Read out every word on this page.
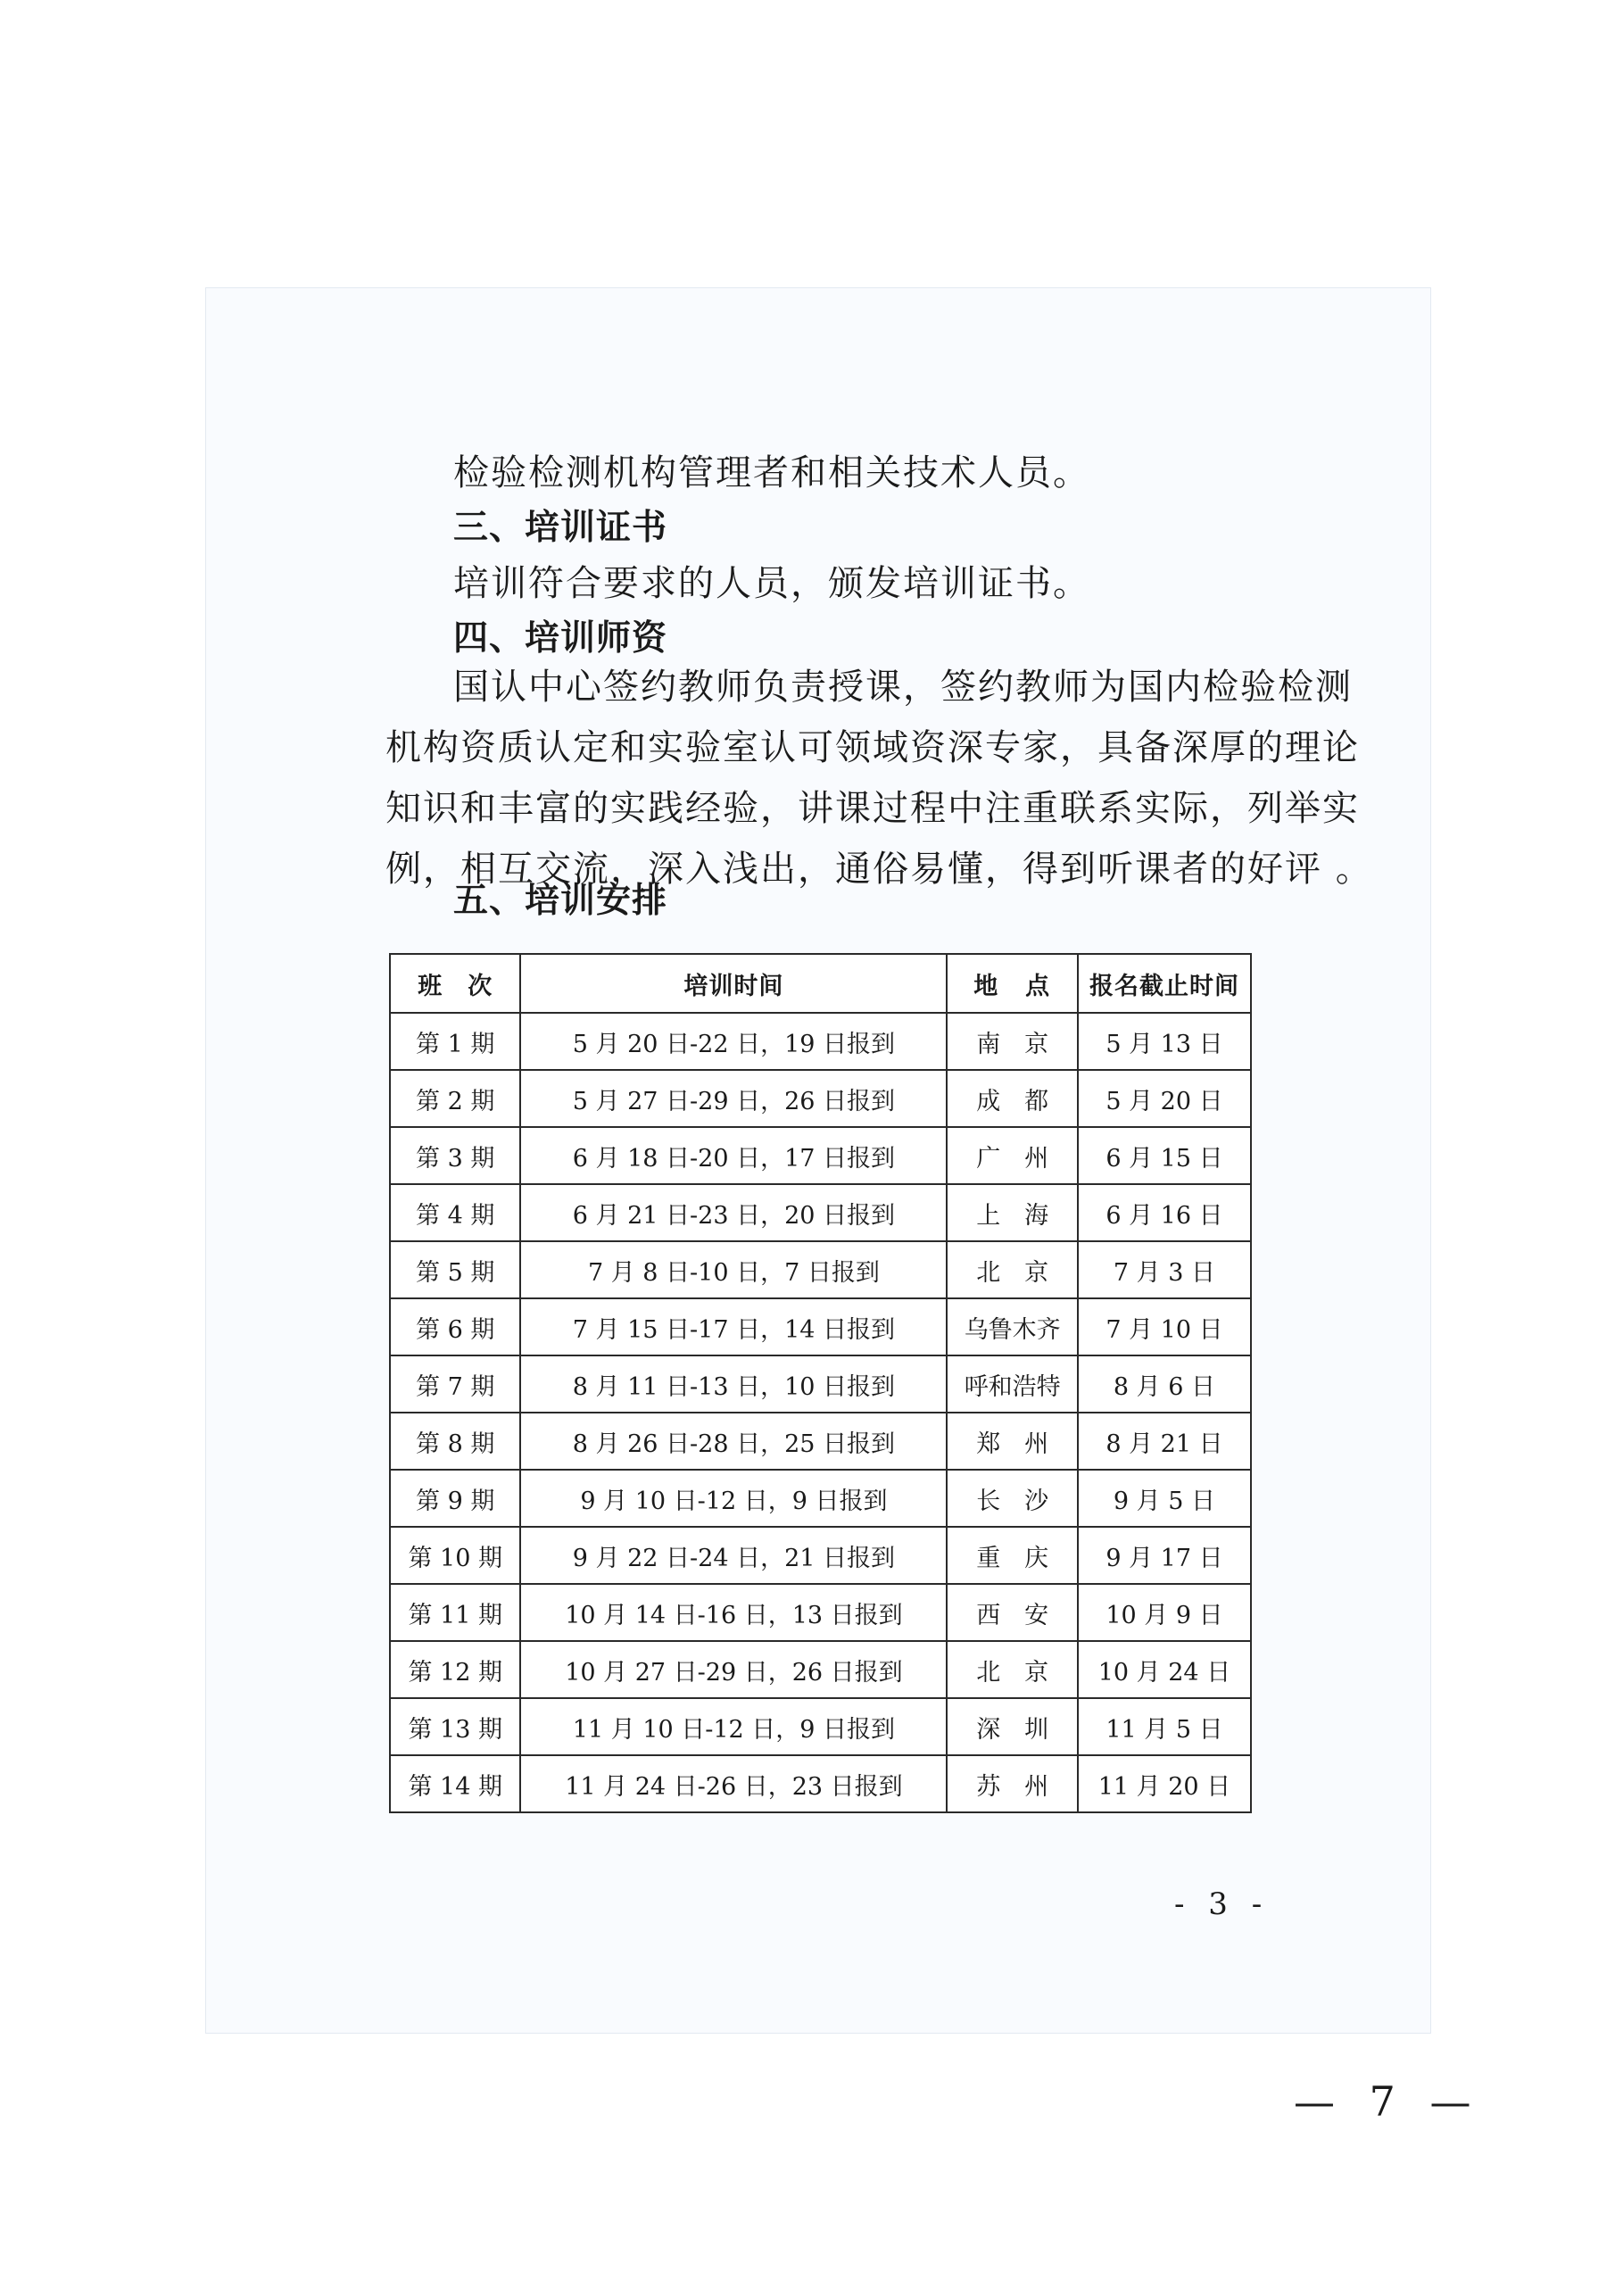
检验检测机构管理者和相关技术人员。
三、培训证书
培训符合要求的人员，颁发培训证书。
四、培训师资
国认中心签约教师负责授课，签约教师为国内检验检测
机构资质认定和实验室认可领域资深专家，具备深厚的理论
知识和丰富的实践经验，讲课过程中注重联系实际，列举实
例，相互交流，深入浅出，通俗易懂，得到听课者的好评 。
五、培训安排
班　次	培训时间	地　点	报名截止时间
第 1 期	5 月 20 日-22 日，19 日报到	南　京	5 月 13 日
第 2 期	5 月 27 日-29 日，26 日报到	成　都	5 月 20 日
第 3 期	6 月 18 日-20 日，17 日报到	广　州	6 月 15 日
第 4 期	6 月 21 日-23 日，20 日报到	上　海	6 月 16 日
第 5 期	7 月 8 日-10 日，7 日报到	北　京	7 月 3 日
第 6 期	7 月 15 日-17 日，14 日报到	乌鲁木齐	7 月 10 日
第 7 期	8 月 11 日-13 日，10 日报到	呼和浩特	8 月 6 日
第 8 期	8 月 26 日-28 日，25 日报到	郑　州	8 月 21 日
第 9 期	9 月 10 日-12 日，9 日报到	长　沙	9 月 5 日
第 10 期	9 月 22 日-24 日，21 日报到	重　庆	9 月 17 日
第 11 期	10 月 14 日-16 日，13 日报到	西　安	10 月 9 日
第 12 期	10 月 27 日-29 日，26 日报到	北　京	10 月 24 日
第 13 期	11 月 10 日-12 日，9 日报到	深　圳	11 月 5 日
第 14 期	11 月 24 日-26 日，23 日报到	苏　州	11 月 20 日
- 3 -
— 7 —
